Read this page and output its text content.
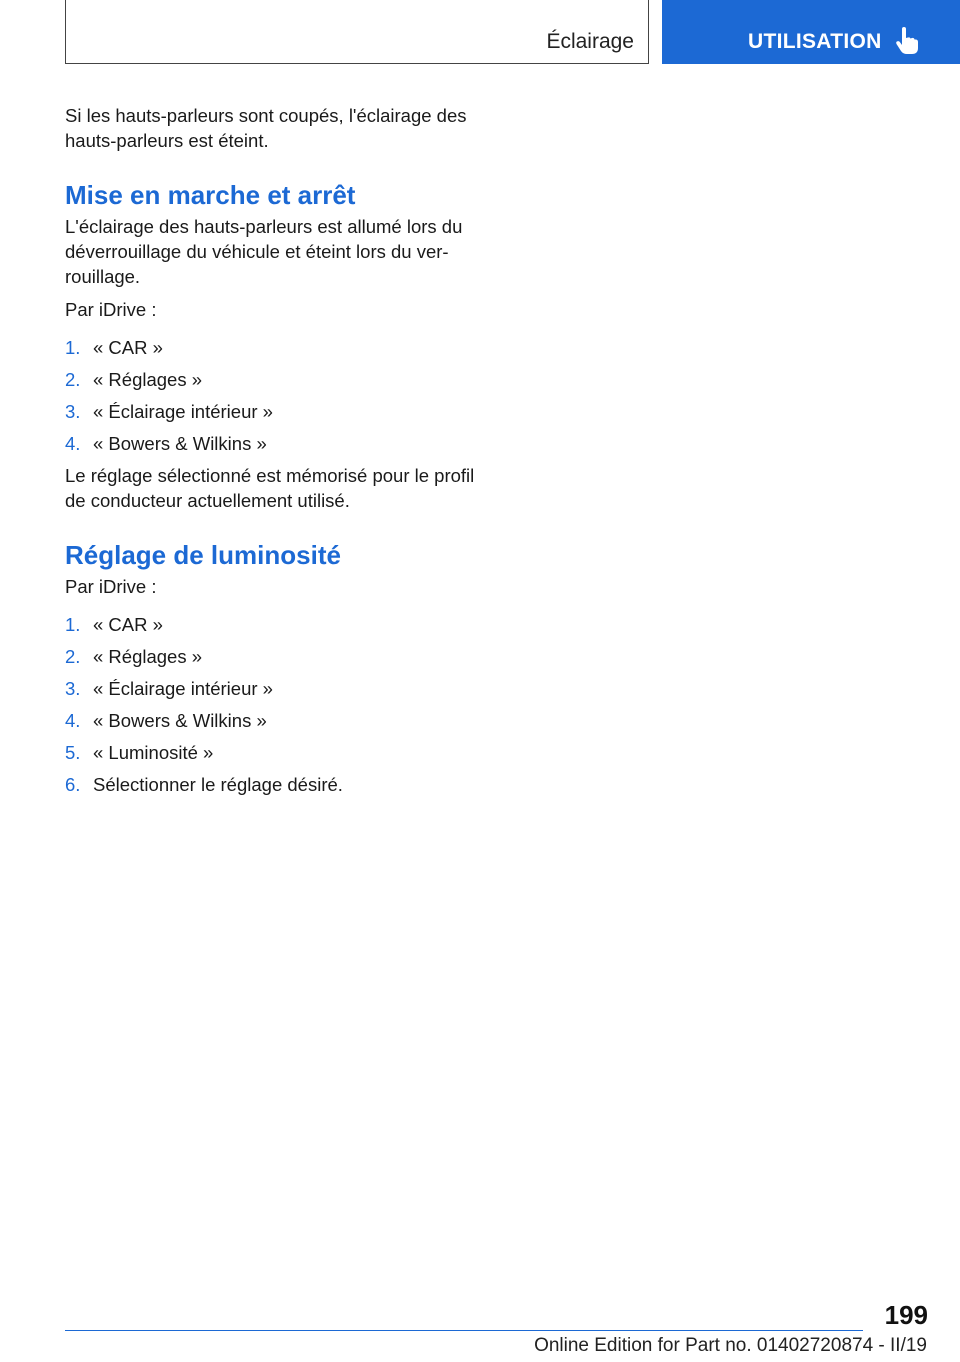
Éclairage	UTILISATION

Si les hauts-parleurs sont coupés, l'éclairage des hauts-parleurs est éteint.

Mise en marche et arrêt

L'éclairage des hauts-parleurs est allumé lors du déverrouillage du véhicule et éteint lors du ver-rouillage.

Par iDrive :

1. « CAR »
2. « Réglages »
3. « Éclairage intérieur »
4. « Bowers & Wilkins »

Le réglage sélectionné est mémorisé pour le profil de conducteur actuellement utilisé.

Réglage de luminosité

Par iDrive :

1. « CAR »
2. « Réglages »
3. « Éclairage intérieur »
4. « Bowers & Wilkins »
5. « Luminosité »
6. Sélectionner le réglage désiré.
199
Online Edition for Part no. 01402720874 - II/19
